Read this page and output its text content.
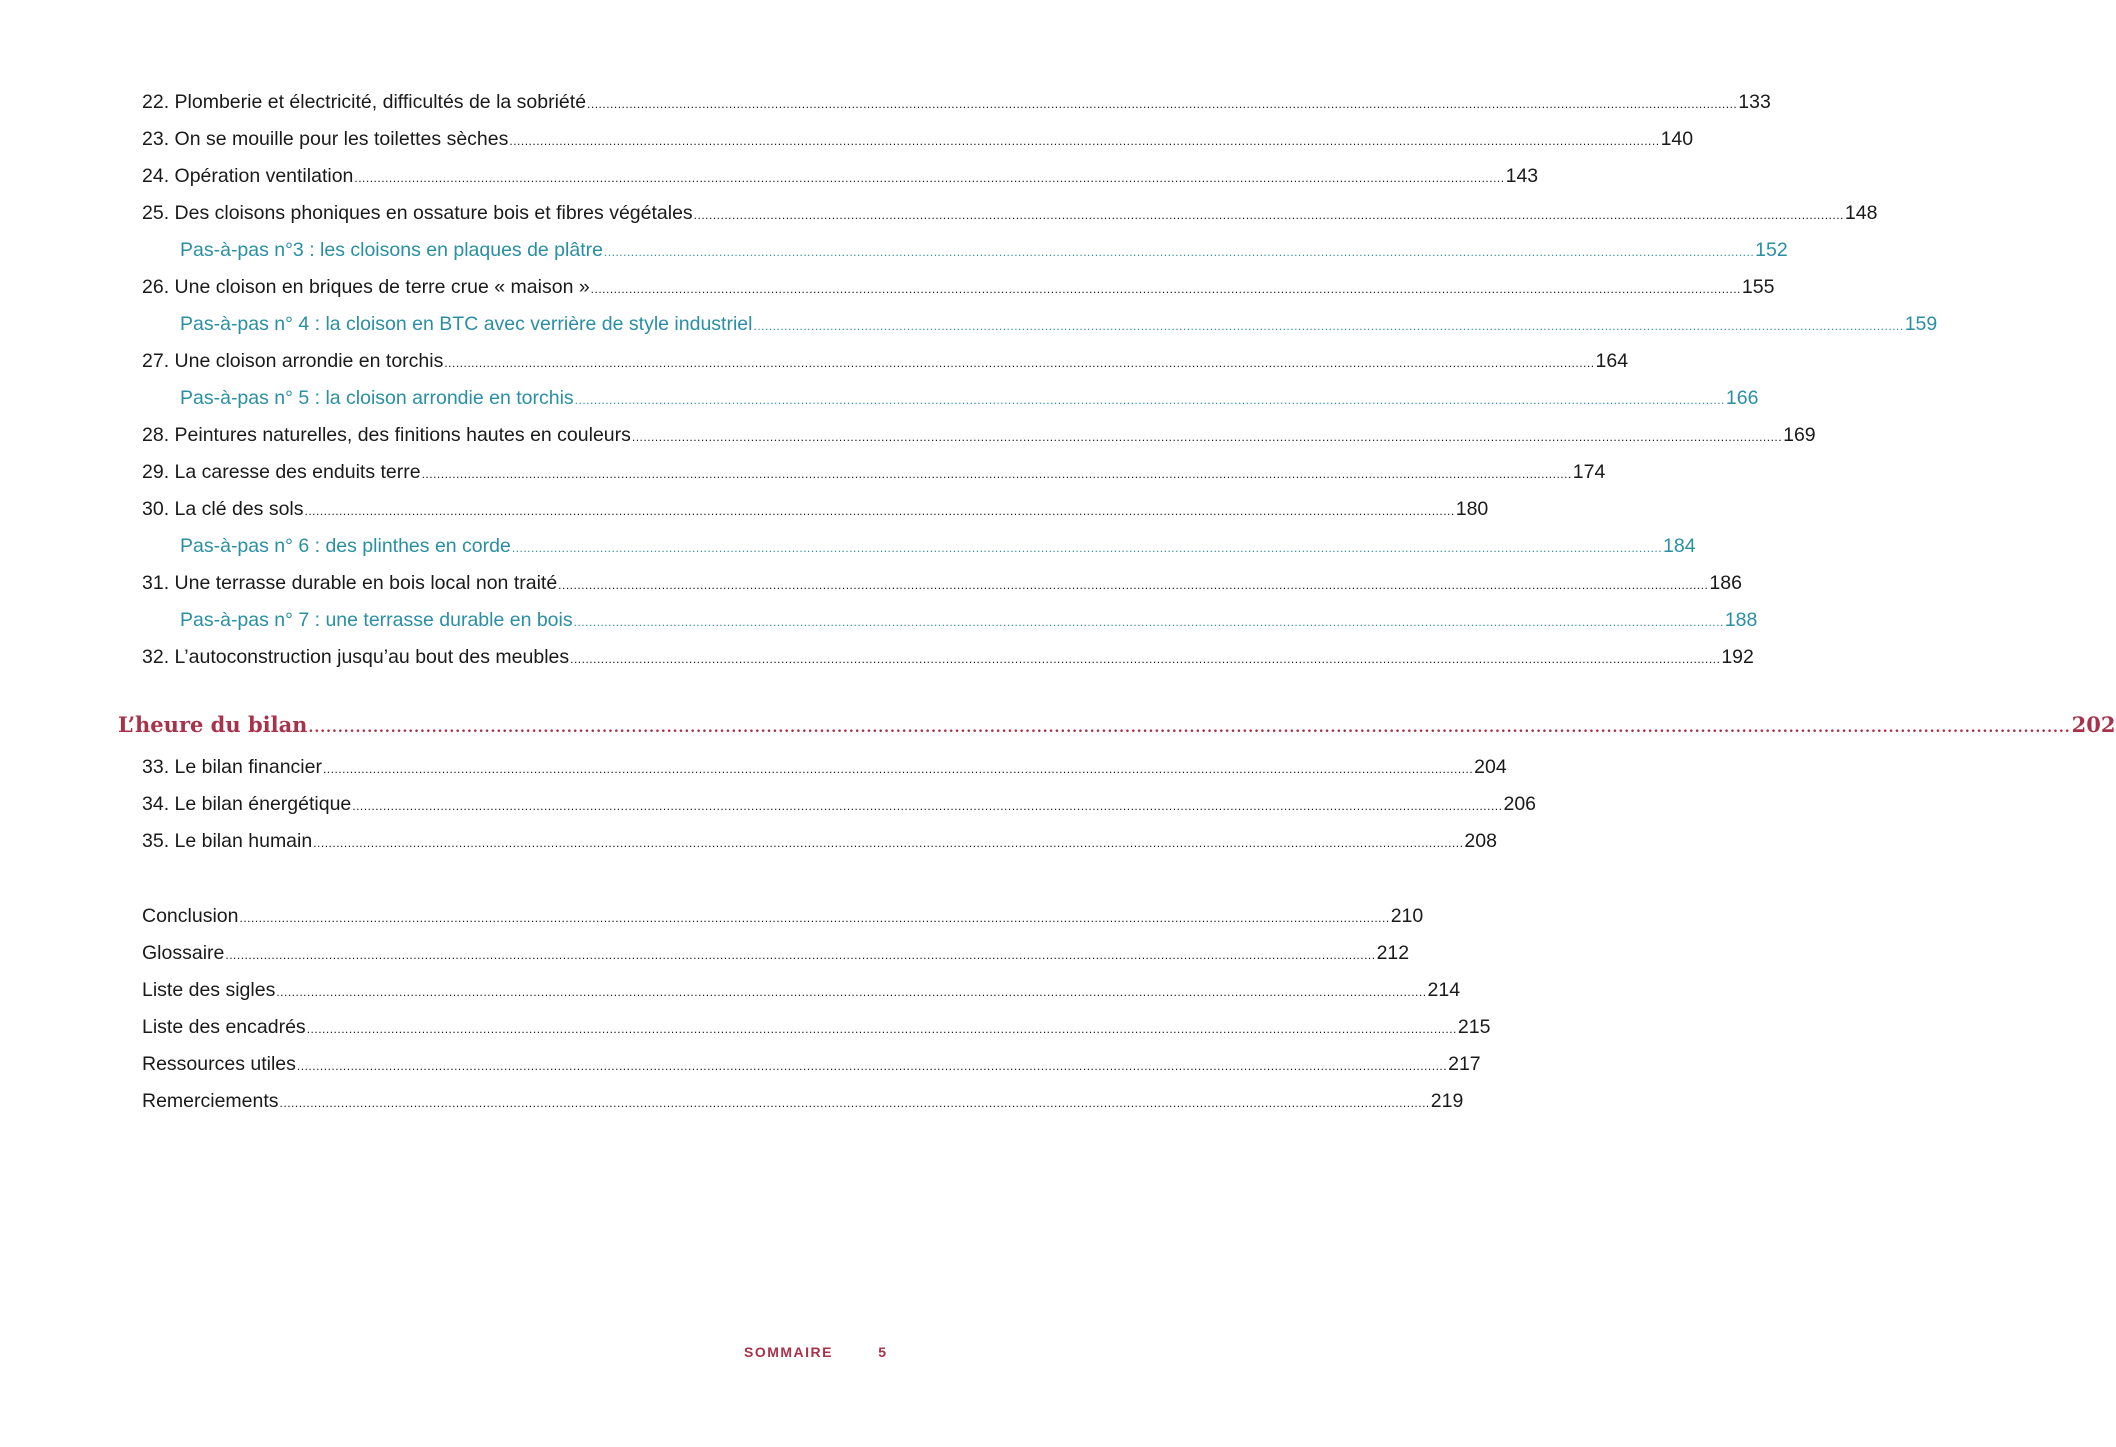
22. Plomberie et électricité, difficultés de la sobriété ............................................................................................................................................................................................................................................................................................................ 133
23. On se mouille pour les toilettes sèches ............................................................................................................................................................................................................................................................................................................ 140
24. Opération ventilation ............................................................................................................................................................................................................................................................................................................ 143
25. Des cloisons phoniques en ossature bois et fibres végétales ............................................................................................................................................................................................................................................................................................................ 148
Pas-à-pas n°3 : les cloisons en plaques de plâtre ............................................................................................................................................................................................................................................................................................................ 152
26. Une cloison en briques de terre crue « maison » ............................................................................................................................................................................................................................................................................................................ 155
Pas-à-pas n° 4 : la cloison en BTC avec verrière de style industriel ............................................................................................................................................................................................................................................................................................................ 159
27. Une cloison arrondie en torchis ............................................................................................................................................................................................................................................................................................................ 164
Pas-à-pas n° 5 : la cloison arrondie en torchis ............................................................................................................................................................................................................................................................................................................ 166
28. Peintures naturelles, des finitions hautes en couleurs ............................................................................................................................................................................................................................................................................................................ 169
29. La caresse des enduits terre ............................................................................................................................................................................................................................................................................................................ 174
30. La clé des sols ............................................................................................................................................................................................................................................................................................................ 180
Pas-à-pas n° 6 : des plinthes en corde ............................................................................................................................................................................................................................................................................................................ 184
31. Une terrasse durable en bois local non traité ............................................................................................................................................................................................................................................................................................................ 186
Pas-à-pas n° 7 : une terrasse durable en bois ............................................................................................................................................................................................................................................................................................................ 188
32. L’autoconstruction jusqu’au bout des meubles ............................................................................................................................................................................................................................................................................................................ 192
L’heure du bilan ............................................................................................................................................................................................................................................................................................................ 202
33. Le bilan financier ............................................................................................................................................................................................................................................................................................................ 204
34. Le bilan énergétique ............................................................................................................................................................................................................................................................................................................ 206
35. Le bilan humain ............................................................................................................................................................................................................................................................................................................ 208
Conclusion ............................................................................................................................................................................................................................................................................................................ 210
Glossaire ............................................................................................................................................................................................................................................................................................................ 212
Liste des sigles ............................................................................................................................................................................................................................................................................................................ 214
Liste des encadrés ............................................................................................................................................................................................................................................................................................................ 215
Ressources utiles ............................................................................................................................................................................................................................................................................................................ 217
Remerciements ............................................................................................................................................................................................................................................................................................................ 219
SOMMAIRE	5
